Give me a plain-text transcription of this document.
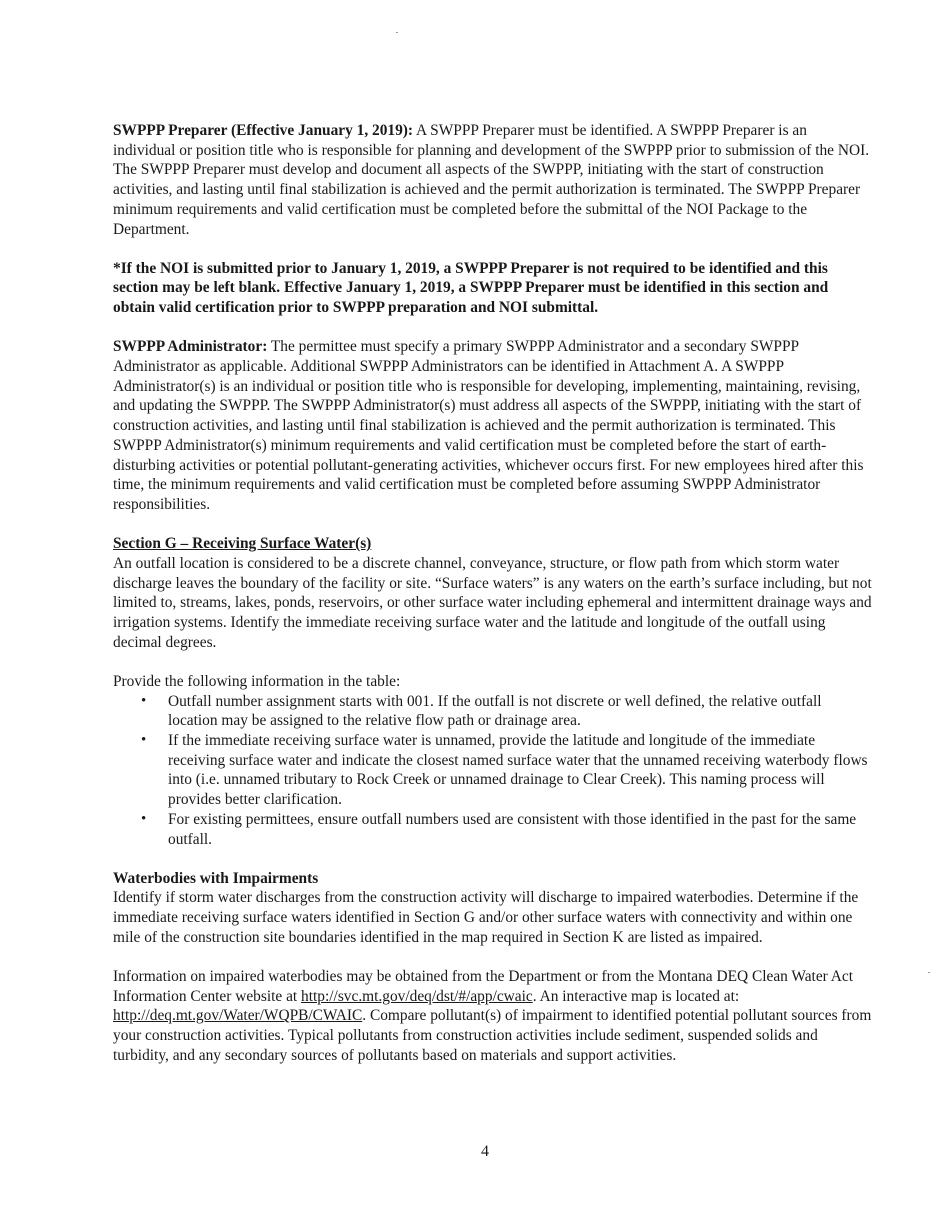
SWPPP Preparer (Effective January 1, 2019): A SWPPP Preparer must be identified. A SWPPP Preparer is an individual or position title who is responsible for planning and development of the SWPPP prior to submission of the NOI. The SWPPP Preparer must develop and document all aspects of the SWPPP, initiating with the start of construction activities, and lasting until final stabilization is achieved and the permit authorization is terminated. The SWPPP Preparer minimum requirements and valid certification must be completed before the submittal of the NOI Package to the Department.

*If the NOI is submitted prior to January 1, 2019, a SWPPP Preparer is not required to be identified and this section may be left blank. Effective January 1, 2019, a SWPPP Preparer must be identified in this section and obtain valid certification prior to SWPPP preparation and NOI submittal.

SWPPP Administrator: The permittee must specify a primary SWPPP Administrator and a secondary SWPPP Administrator as applicable. Additional SWPPP Administrators can be identified in Attachment A. A SWPPP Administrator(s) is an individual or position title who is responsible for developing, implementing, maintaining, revising, and updating the SWPPP. The SWPPP Administrator(s) must address all aspects of the SWPPP, initiating with the start of construction activities, and lasting until final stabilization is achieved and the permit authorization is terminated. This SWPPP Administrator(s) minimum requirements and valid certification must be completed before the start of earth-disturbing activities or potential pollutant-generating activities, whichever occurs first. For new employees hired after this time, the minimum requirements and valid certification must be completed before assuming SWPPP Administrator responsibilities.

Section G – Receiving Surface Water(s)

An outfall location is considered to be a discrete channel, conveyance, structure, or flow path from which storm water discharge leaves the boundary of the facility or site. “Surface waters” is any waters on the earth’s surface including, but not limited to, streams, lakes, ponds, reservoirs, or other surface water including ephemeral and intermittent drainage ways and irrigation systems. Identify the immediate receiving surface water and the latitude and longitude of the outfall using decimal degrees.

Provide the following information in the table:

• Outfall number assignment starts with 001. If the outfall is not discrete or well defined, the relative outfall location may be assigned to the relative flow path or drainage area.
• If the immediate receiving surface water is unnamed, provide the latitude and longitude of the immediate receiving surface water and indicate the closest named surface water that the unnamed receiving waterbody flows into (i.e. unnamed tributary to Rock Creek or unnamed drainage to Clear Creek). This naming process will provides better clarification.
• For existing permittees, ensure outfall numbers used are consistent with those identified in the past for the same outfall.

Waterbodies with Impairments

Identify if storm water discharges from the construction activity will discharge to impaired waterbodies. Determine if the immediate receiving surface waters identified in Section G and/or other surface waters with connectivity and within one mile of the construction site boundaries identified in the map required in Section K are listed as impaired.

Information on impaired waterbodies may be obtained from the Department or from the Montana DEQ Clean Water Act Information Center website at http://svc.mt.gov/deq/dst/#/app/cwaic. An interactive map is located at: http://deq.mt.gov/Water/WQPB/CWAIC. Compare pollutant(s) of impairment to identified potential pollutant sources from your construction activities. Typical pollutants from construction activities include sediment, suspended solids and turbidity, and any secondary sources of pollutants based on materials and support activities.

4
